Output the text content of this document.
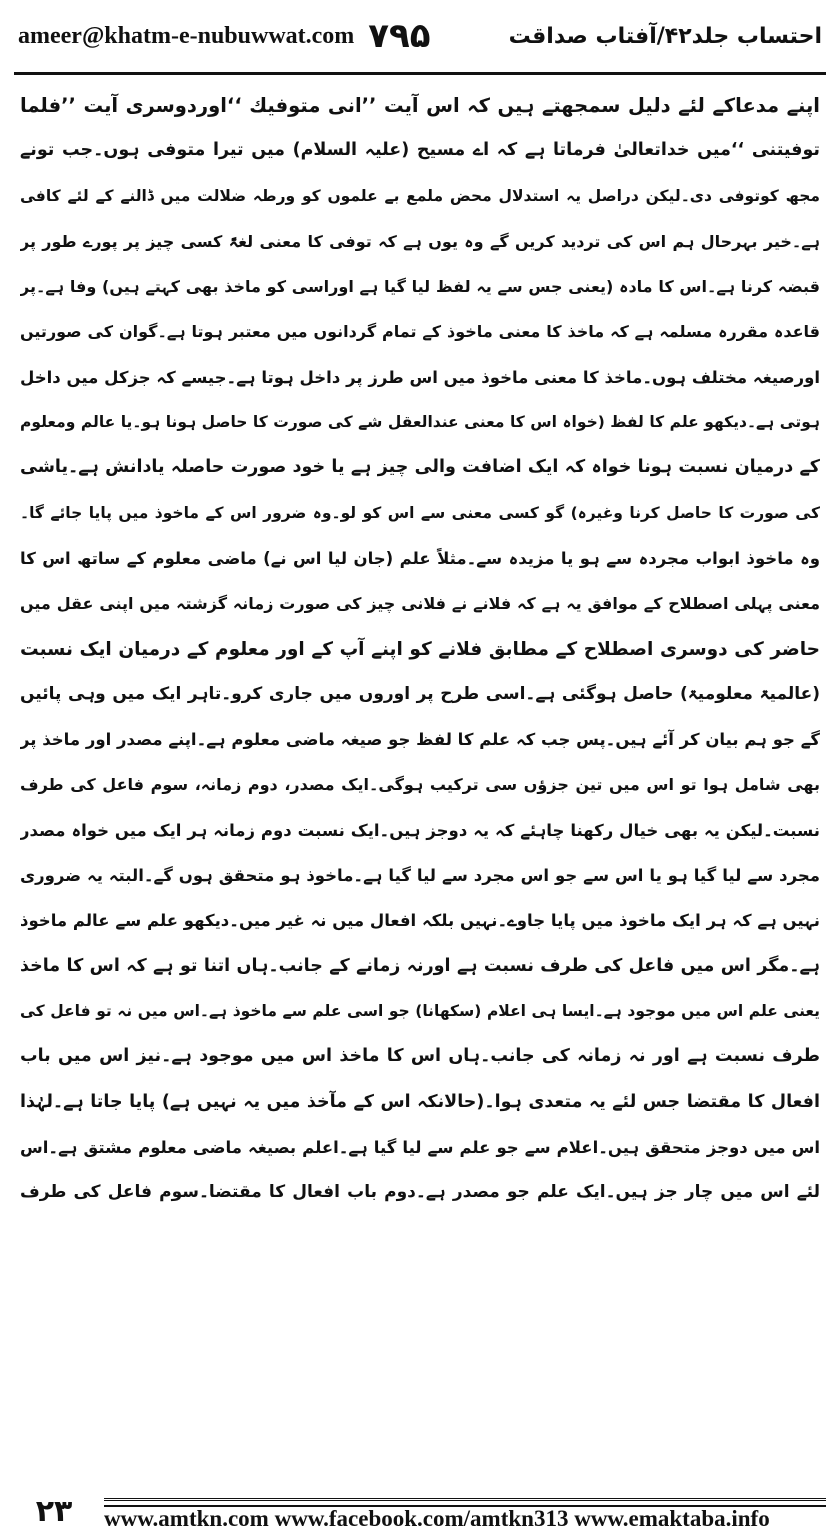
ameer@khatm-e-nubuwwat.com ۷۹۵	احتساب جلد۴۲/آفتاب صداقت
اپنے مدعاکے لئے دلیل سمجھتے ہیں کہ اس آیت ’’انی متوفیك ‘‘اوردوسری آیت ’’فلما
توفیتنی ‘‘میں خداتعالیٰ فرماتا ہے کہ اے مسیح (علیہ السلام) میں تیرا متوفی ہوں۔جب تونے
مجھ کوتوفی دی۔لیکن دراصل یہ استدلال محض ملمع بے علموں کو ورطہ ضلالت میں ڈالنے کے لئے کافی
ہے۔خیر بہرحال ہم اس کی تردید کریں گے وہ یوں ہے کہ توفی کا معنی لغۃً کسی چیز پر پورے طور پر
قبضہ کرنا ہے۔اس کا مادہ (یعنی جس سے یہ لفظ لیا گیا ہے اوراسی کو ماخذ بھی کہتے ہیں) وفا ہے۔پر
قاعدہ مقررہ مسلمہ ہے کہ ماخذ کا معنی ماخوذ کے تمام گردانوں میں معتبر ہوتا ہے۔گوان کی صورتیں
اورصیغہ مختلف ہوں۔ماخذ کا معنی ماخوذ میں اس طرز پر داخل ہوتا ہے۔جیسے کہ جزکل میں داخل
ہوتی ہے۔دیکھو علم کا لفظ (خواہ اس کا معنی عندالعقل شے کی صورت کا حاصل ہونا ہو۔یا عالم ومعلوم
کے درمیان نسبت ہونا خواہ کہ ایک اضافت والی چیز ہے یا خود صورت حاصلہ یادانش ہے۔یاشی
کی صورت کا حاصل کرنا وغیرہ) گو کسی معنی سے اس کو لو۔وہ ضرور اس کے ماخوذ میں پایا جائے گا۔
وہ ماخوذ ابواب مجردہ سے ہو یا مزیدہ سے۔مثلاً علم (جان لیا اس نے) ماضی معلوم کے ساتھ اس کا
معنی پہلی اصطلاح کے موافق یہ ہے کہ فلانے نے فلانی چیز کی صورت زمانہ گزشتہ میں اپنی عقل میں
حاضر کی دوسری اصطلاح کے مطابق فلانے کو اپنے آپ کے اور معلوم کے درمیان ایک نسبت
(عالمیۃ معلومیۃ) حاصل ہوگئی ہے۔اسی طرح پر اوروں میں جاری کرو۔تاہر ایک میں وہی پائیں
گے جو ہم بیان کر آئے ہیں۔پس جب کہ علم کا لفظ جو صیغہ ماضی معلوم ہے۔اپنے مصدر اور ماخذ پر
بھی شامل ہوا تو اس میں تین جزؤں سی ترکیب ہوگی۔ایک مصدر، دوم زمانہ، سوم فاعل کی طرف
نسبت۔لیکن یہ بھی خیال رکھنا چاہئے کہ یہ دوجز ہیں۔ایک نسبت دوم زمانہ ہر ایک میں خواہ مصدر
مجرد سے لیا گیا ہو یا اس سے جو اس مجرد سے لیا گیا ہے۔ماخوذ ہو متحقق ہوں گے۔البتہ یہ ضروری
نہیں ہے کہ ہر ایک ماخوذ میں پایا جاوے۔نہیں بلکہ افعال میں نہ غیر میں۔دیکھو علم سے عالم ماخوذ
ہے۔مگر اس میں فاعل کی طرف نسبت ہے اورنہ زمانے کے جانب۔ہاں اتنا تو ہے کہ اس کا ماخذ
یعنی علم اس میں موجود ہے۔ایسا ہی اعلام (سکھانا) جو اسی علم سے ماخوذ ہے۔اس میں نہ تو فاعل کی
طرف نسبت ہے اور نہ زمانہ کی جانب۔ہاں اس کا ماخذ اس میں موجود ہے۔نیز اس میں باب
افعال کا مقتضا جس لئے یہ متعدی ہوا۔(حالانکہ اس کے مآخذ میں یہ نہیں ہے) پایا جاتا ہے۔لہٰذا
اس میں دوجز متحقق ہیں۔اعلام سے جو علم سے لیا گیا ہے۔اعلم بصیغہ ماضی معلوم مشتق ہے۔اس
لئے اس میں چار جز ہیں۔ایک علم جو مصدر ہے۔دوم باب افعال کا مقتضا۔سوم فاعل کی طرف
۲۳	www.amtkn.com www.facebook.com/amtkn313 www.emaktaba.info
